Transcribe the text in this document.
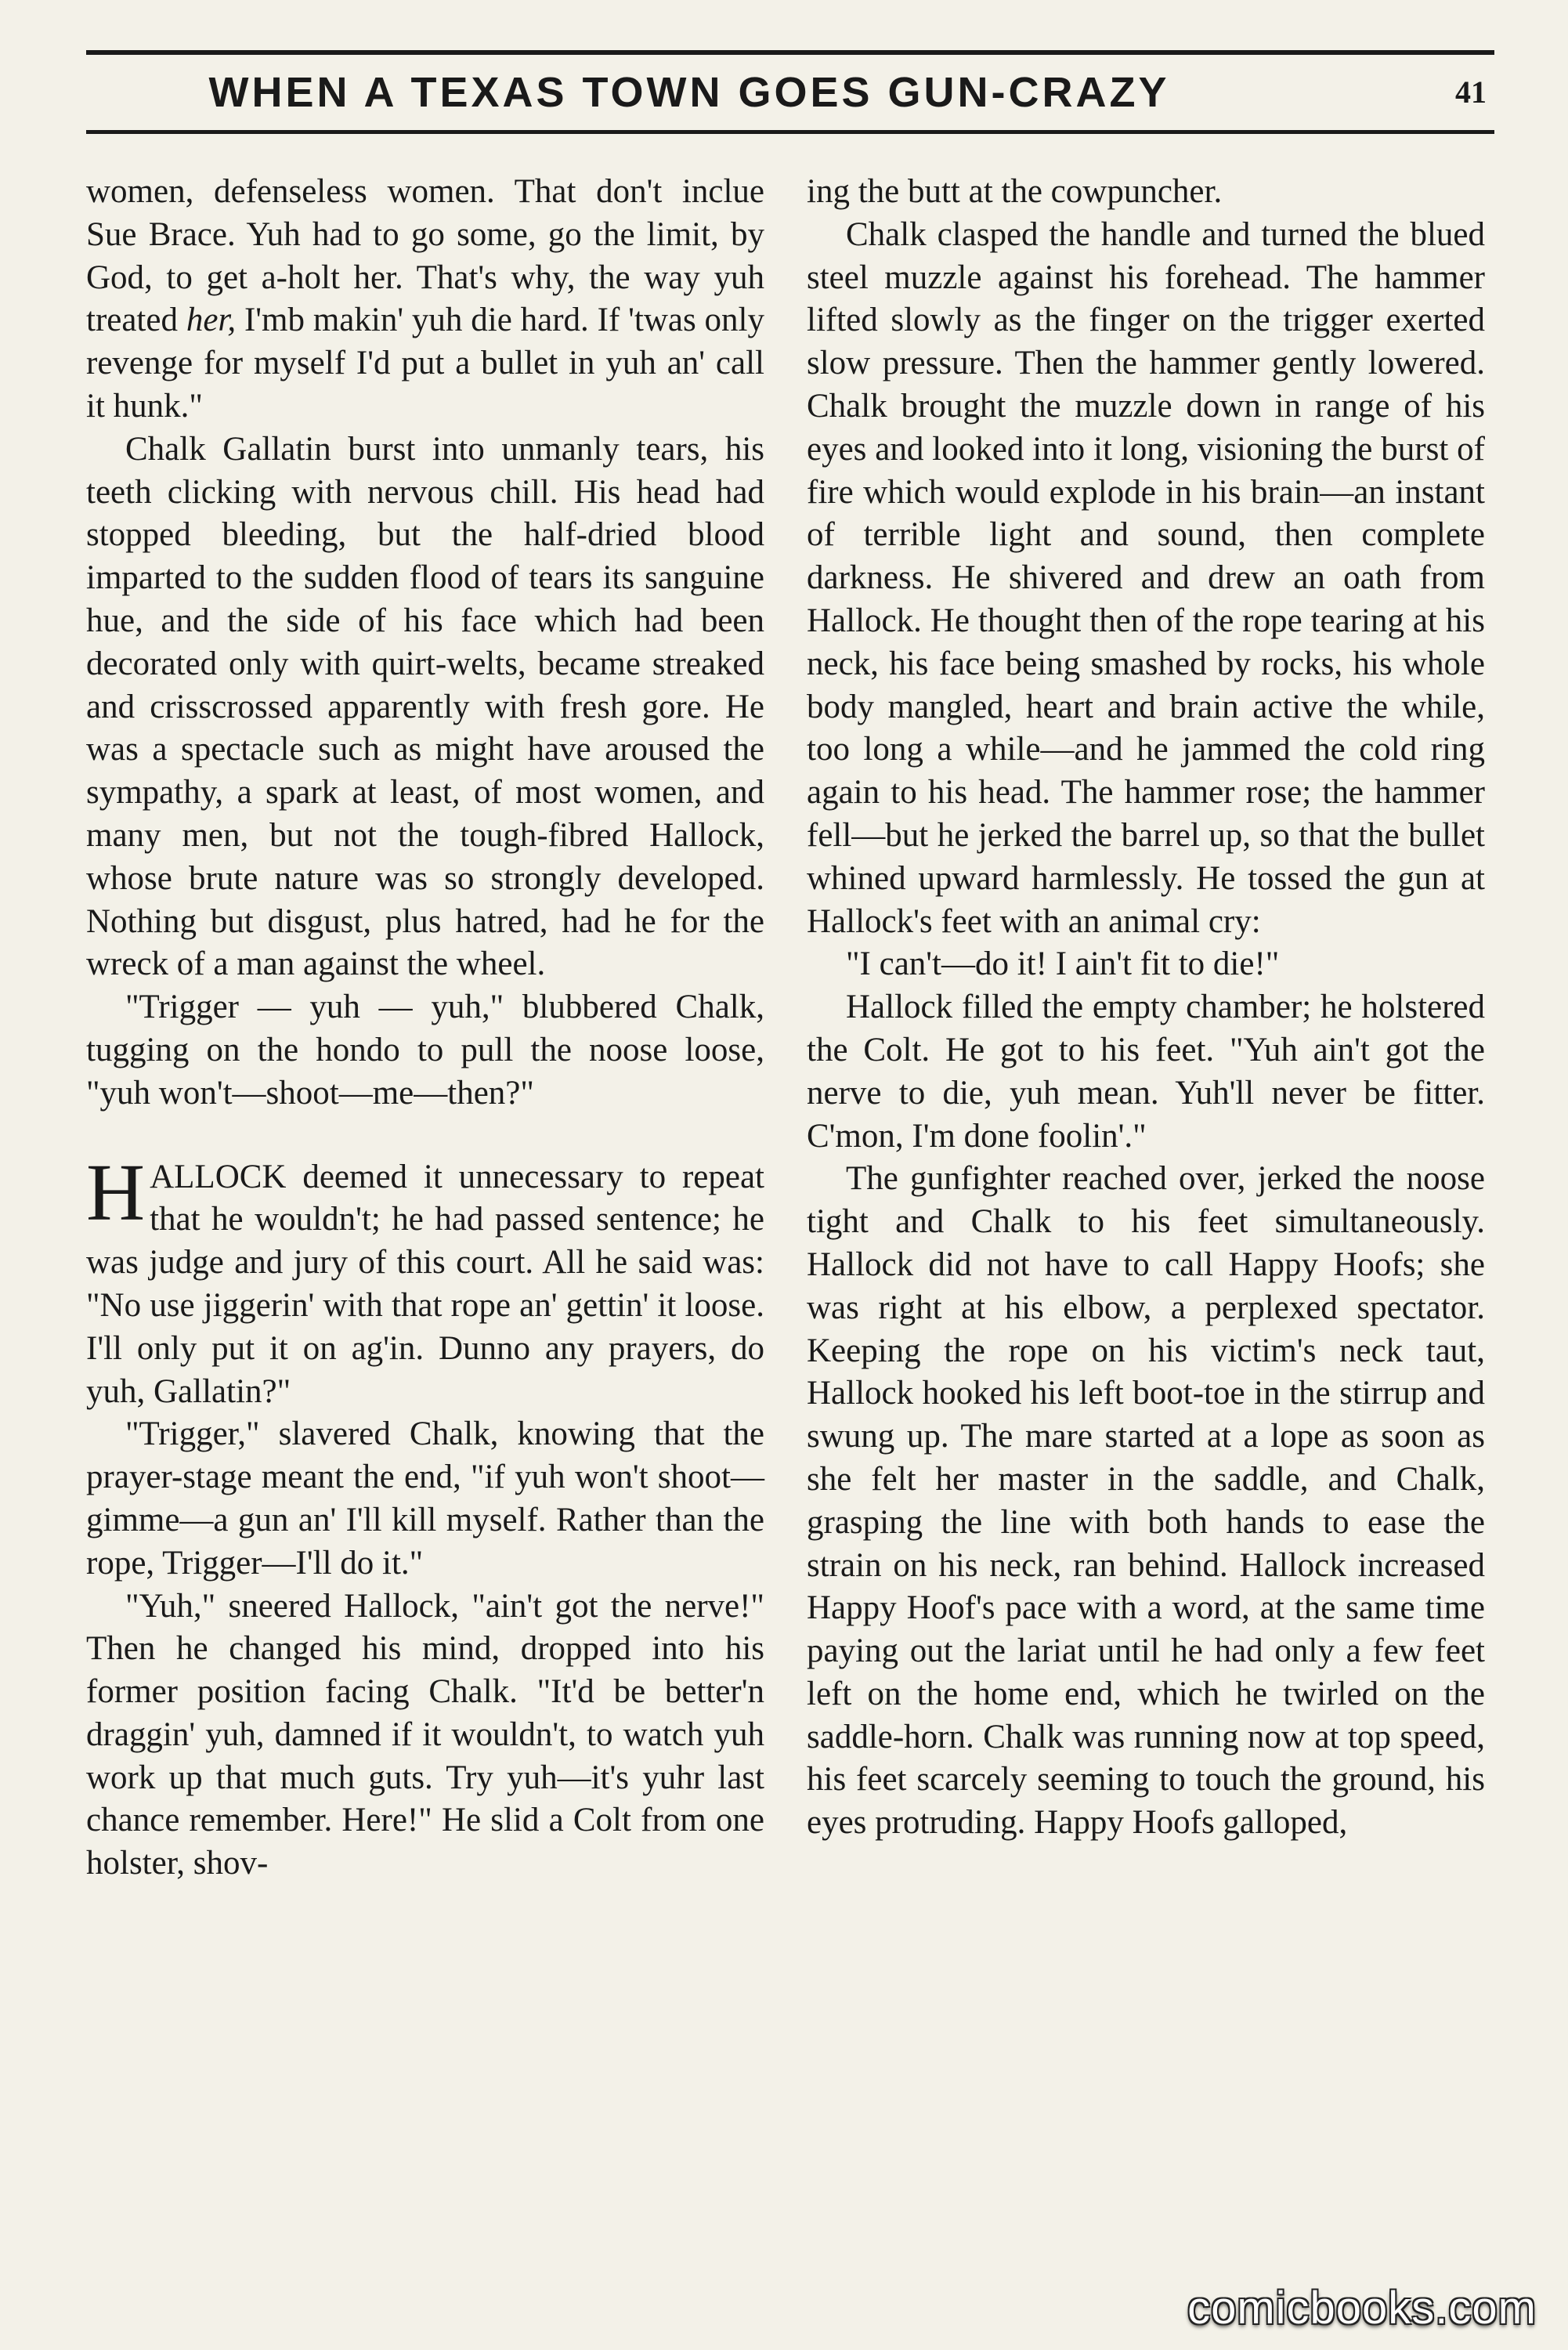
WHEN A TEXAS TOWN GOES GUN-CRAZY	41

women, defenseless women. That don't inclue Sue Brace. Yuh had to go some, go the limit, by God, to get a-holt her. That's why, the way yuh treated her, I'mb makin' yuh die hard. If 'twas only revenge for myself I'd put a bullet in yuh an' call it hunk."

Chalk Gallatin burst into unmanly tears, his teeth clicking with nervous chill. His head had stopped bleeding, but the half-dried blood imparted to the sudden flood of tears its sanguine hue, and the side of his face which had been decorated only with quirt-welts, became streaked and crisscrossed apparently with fresh gore. He was a spectacle such as might have aroused the sympathy, a spark at least, of most women, and many men, but not the tough-fibred Hallock, whose brute nature was so strongly developed. Nothing but disgust, plus hatred, had he for the wreck of a man against the wheel.

"Trigger — yuh — yuh," blubbered Chalk, tugging on the hondo to pull the noose loose, "yuh won't—shoot—me—then?"

HALLOCK deemed it unnecessary to repeat that he wouldn't; he had passed sentence; he was judge and jury of this court. All he said was: "No use jiggerin' with that rope an' gettin' it loose. I'll only put it on ag'in. Dunno any prayers, do yuh, Gallatin?"

"Trigger," slavered Chalk, knowing that the prayer-stage meant the end, "if yuh won't shoot—gimme—a gun an' I'll kill myself. Rather than the rope, Trigger—I'll do it."

"Yuh," sneered Hallock, "ain't got the nerve!" Then he changed his mind, dropped into his former position facing Chalk. "It'd be better'n draggin' yuh, damned if it wouldn't, to watch yuh work up that much guts. Try yuh—it's yuhr last chance remember. Here!" He slid a Colt from one holster, shov-

ing the butt at the cowpuncher.

Chalk clasped the handle and turned the blued steel muzzle against his forehead. The hammer lifted slowly as the finger on the trigger exerted slow pressure. Then the hammer gently lowered. Chalk brought the muzzle down in range of his eyes and looked into it long, visioning the burst of fire which would explode in his brain—an instant of terrible light and sound, then complete darkness. He shivered and drew an oath from Hallock. He thought then of the rope tearing at his neck, his face being smashed by rocks, his whole body mangled, heart and brain active the while, too long a while—and he jammed the cold ring again to his head. The hammer rose; the hammer fell—but he jerked the barrel up, so that the bullet whined upward harmlessly. He tossed the gun at Hallock's feet with an animal cry:

"I can't—do it! I ain't fit to die!"

Hallock filled the empty chamber; he holstered the Colt. He got to his feet. "Yuh ain't got the nerve to die, yuh mean. Yuh'll never be fitter. C'mon, I'm done foolin'."

The gunfighter reached over, jerked the noose tight and Chalk to his feet simultaneously. Hallock did not have to call Happy Hoofs; she was right at his elbow, a perplexed spectator. Keeping the rope on his victim's neck taut, Hallock hooked his left boot-toe in the stirrup and swung up. The mare started at a lope as soon as she felt her master in the saddle, and Chalk, grasping the line with both hands to ease the strain on his neck, ran behind. Hallock increased Happy Hoof's pace with a word, at the same time paying out the lariat until he had only a few feet left on the home end, which he twirled on the saddle-horn. Chalk was running now at top speed, his feet scarcely seeming to touch the ground, his eyes protruding. Happy Hoofs galloped,

comicbooks.com
